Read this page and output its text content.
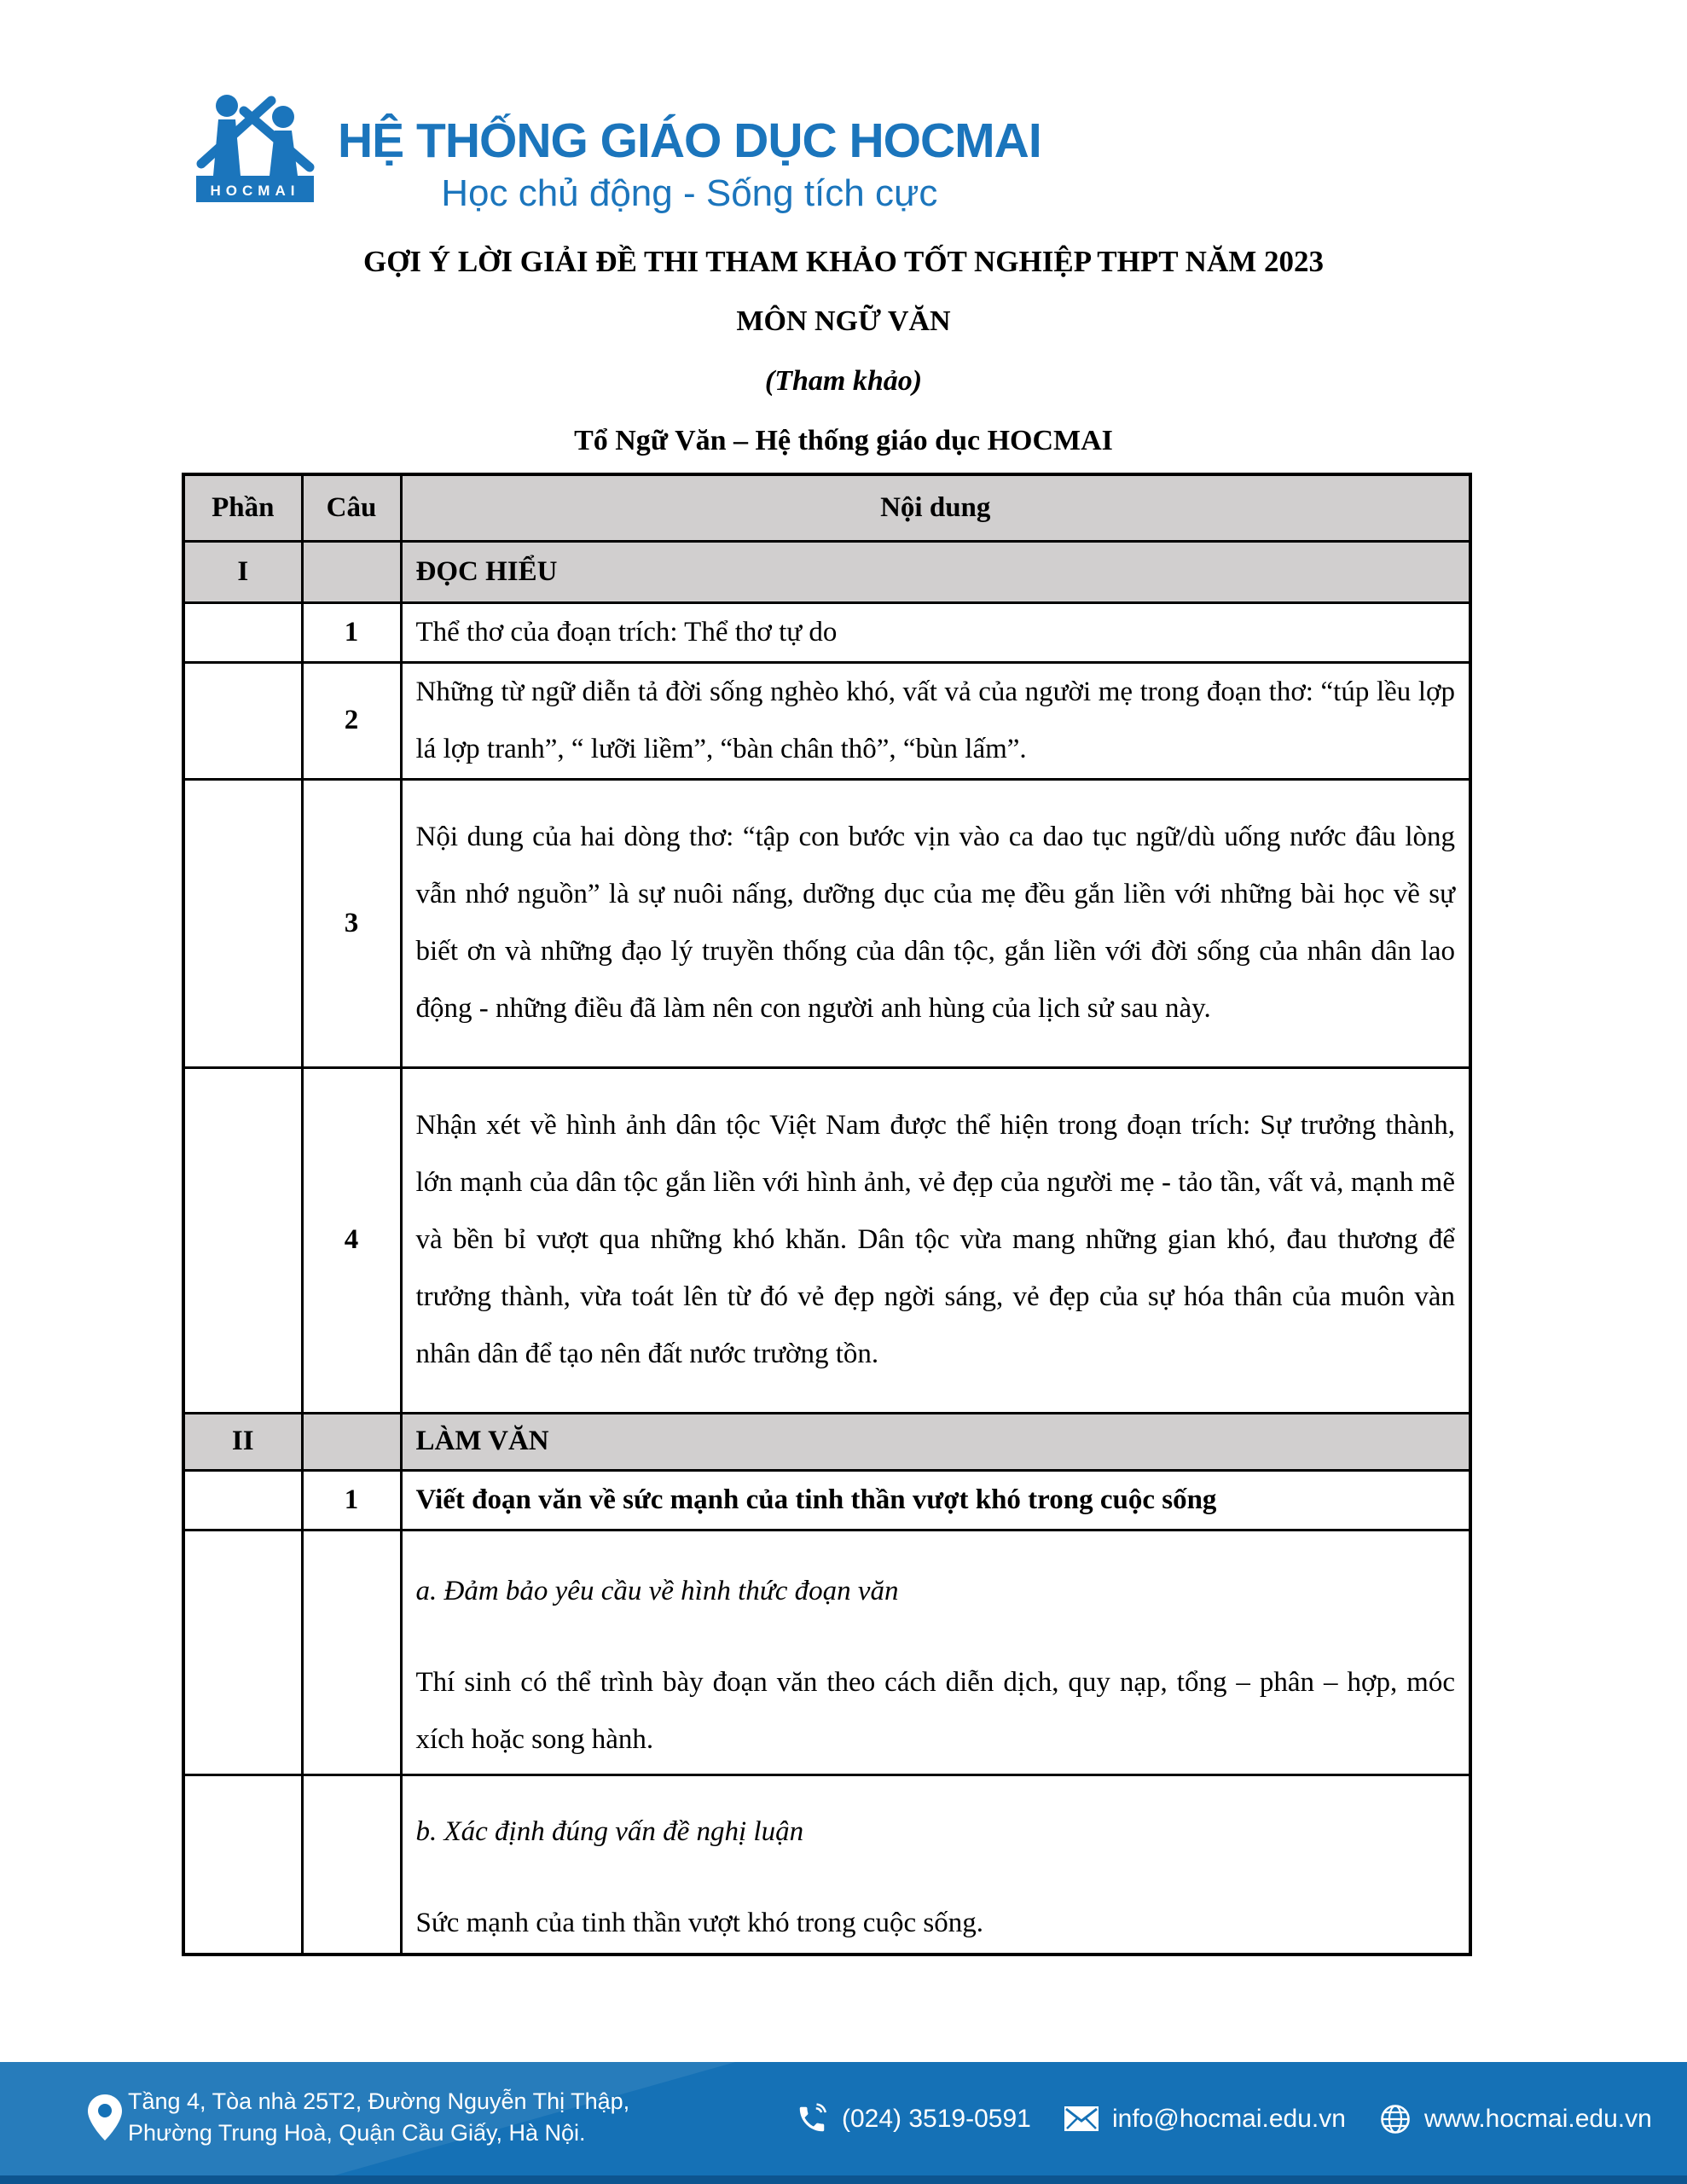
HOCMAI
HỆ THỐNG GIÁO DỤC HOCMAI
Học chủ động - Sống tích cực
GỢI Ý LỜI GIẢI ĐỀ THI THAM KHẢO TỐT NGHIỆP THPT NĂM 2023
MÔN NGỮ VĂN
(Tham khảo)
Tổ Ngữ Văn – Hệ thống giáo dục HOCMAI
Phần	Câu	Nội dung
I		ĐỌC HIỂU
	1	Thể thơ của đoạn trích: Thể thơ tự do
	2	Những từ ngữ diễn tả đời sống nghèo khó, vất vả của người mẹ trong đoạn thơ: “túp lều lợp lá lợp tranh”, “ lưỡi liềm”, “bàn chân thô”, “bùn lấm”.
	3	Nội dung của hai dòng thơ: “tập con bước vịn vào ca dao tục ngữ/dù uống nước đâu lòng vẫn nhớ nguồn” là sự nuôi nấng, dưỡng dục của mẹ đều gắn liền với những bài học về sự biết ơn và những đạo lý truyền thống của dân tộc, gắn liền với đời sống của nhân dân lao động - những điều đã làm nên con người anh hùng của lịch sử sau này.
	4	Nhận xét về hình ảnh dân tộc Việt Nam được thể hiện trong đoạn trích: Sự trưởng thành, lớn mạnh của dân tộc gắn liền với hình ảnh, vẻ đẹp của người mẹ - tảo tần, vất vả, mạnh mẽ và bền bỉ vượt qua những khó khăn. Dân tộc vừa mang những gian khó, đau thương để trưởng thành, vừa toát lên từ đó vẻ đẹp ngời sáng, vẻ đẹp của sự hóa thân của muôn vàn nhân dân để tạo nên đất nước trường tồn.
II		LÀM VĂN
	1	Viết đoạn văn về sức mạnh của tinh thần vượt khó trong cuộc sống

		a. Đảm bảo yêu cầu về hình thức đoạn văn
Thí sinh có thể trình bày đoạn văn theo cách diễn dịch, quy nạp, tổng – phân – hợp, móc xích hoặc song hành.

		b. Xác định đúng vấn đề nghị luận
Sức mạnh của tinh thần vượt khó trong cuộc sống.
Tầng 4, Tòa nhà 25T2, Đường Nguyễn Thị Thập,
Phường Trung Hoà, Quận Cầu Giấy, Hà Nội.
(024) 3519-0591	info@hocmai.edu.vn	www.hocmai.edu.vn
